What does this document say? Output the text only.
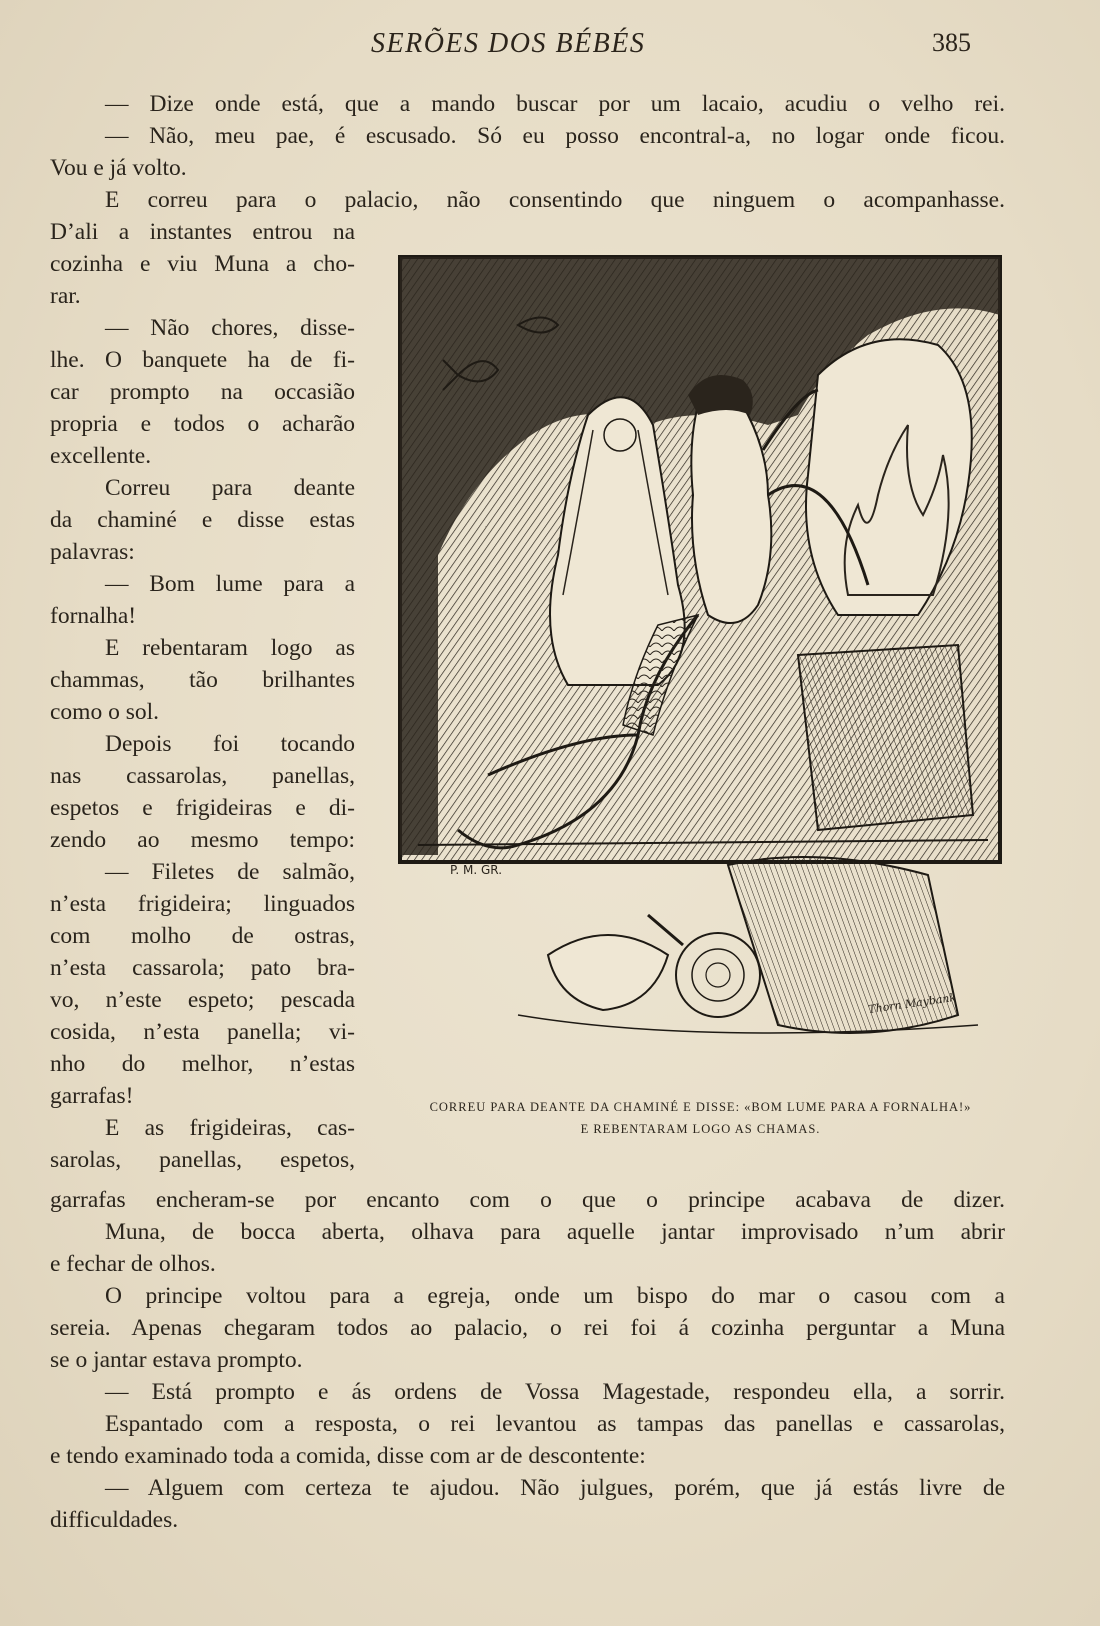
SERÕES DOS BÉBÉS	385
— Dize onde está, que a mando buscar por um lacaio, acudiu o velho rei.
— Não, meu pae, é escusado. Só eu posso encontral-a, no logar onde ficou.
Vou e já volto.
E correu para o palacio, não consentindo que ninguem o acompanhasse.
D’ali a instantes entrou na
cozinha e viu Muna a cho-
rar.
— Não chores, disse-
lhe. O banquete ha de fi-
car prompto na occasião
propria e todos o acharão
excellente.
Correu para deante
da chaminé e disse estas
palavras:
— Bom lume para a
fornalha!
E rebentaram logo as
chammas, tão brilhantes
como o sol.
Depois foi tocando
nas cassarolas, panellas,
espetos e frigideiras e di-
zendo ao mesmo tempo:
— Filetes de salmão,
n’esta frigideira; linguados
com molho de ostras,
n’esta cassarola; pato bra-
vo, n’este espeto; pescada
cosida, n’esta panella; vi-
nho do melhor, n’estas
garrafas!
E as frigideiras, cas-
sarolas, panellas, espetos,
P. M. GR.
Thorn Maybank
CORREU PARA DEANTE DA CHAMINÉ E DISSE: «BOM LUME PARA A FORNALHA!»
E REBENTARAM LOGO AS CHAMAS.
garrafas encheram-se por encanto com o que o principe acabava de dizer.
Muna, de bocca aberta, olhava para aquelle jantar improvisado n’um abrir
e fechar de olhos.
O principe voltou para a egreja, onde um bispo do mar o casou com a
sereia. Apenas chegaram todos ao palacio, o rei foi á cozinha perguntar a Muna
se o jantar estava prompto.
— Está prompto e ás ordens de Vossa Magestade, respondeu ella, a sorrir.
Espantado com a resposta, o rei levantou as tampas das panellas e cassarolas,
e tendo examinado toda a comida, disse com ar de descontente:
— Alguem com certeza te ajudou. Não julgues, porém, que já estás livre de
difficuldades.
